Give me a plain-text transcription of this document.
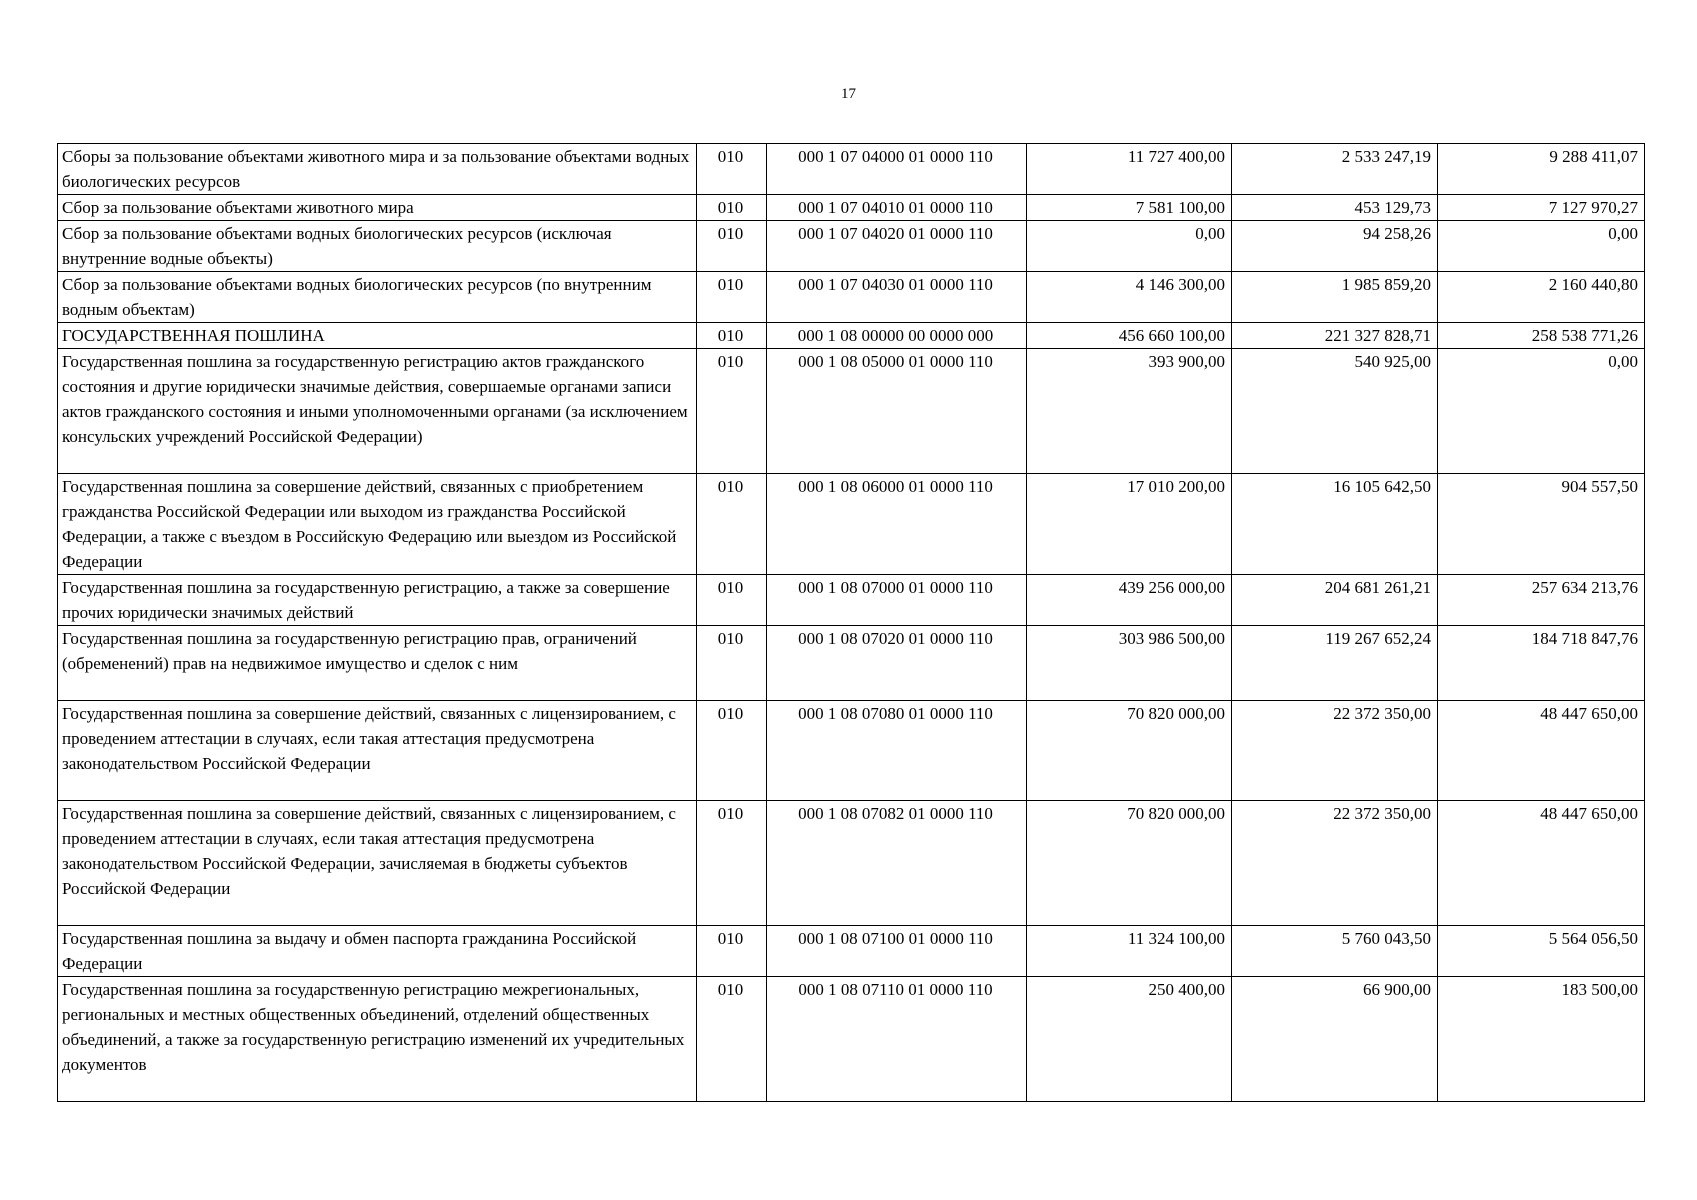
17
Сборы за пользование объектами животного мира и за пользование объектами водных биологических ресурсов	010	000 1 07 04000 01 0000 110	11 727 400,00	2 533 247,19	9 288 411,07
Сбор за пользование объектами животного мира	010	000 1 07 04010 01 0000 110	7 581 100,00	453 129,73	7 127 970,27
Сбор за пользование объектами водных биологических ресурсов (исключая внутренние водные объекты)	010	000 1 07 04020 01 0000 110	0,00	94 258,26	0,00
Сбор за пользование объектами водных биологических ресурсов (по внутренним водным объектам)	010	000 1 07 04030 01 0000 110	4 146 300,00	1 985 859,20	2 160 440,80
ГОСУДАРСТВЕННАЯ ПОШЛИНА	010	000 1 08 00000 00 0000 000	456 660 100,00	221 327 828,71	258 538 771,26
Государственная пошлина за государственную регистрацию актов гражданского состояния и другие юридически значимые действия, совершаемые органами записи актов гражданского состояния и иными уполномоченными органами (за исключением консульских учреждений Российской Федерации)	010	000 1 08 05000 01 0000 110	393 900,00	540 925,00	0,00
Государственная пошлина за совершение действий, связанных с приобретением гражданства Российской Федерации или выходом из гражданства Российской Федерации, а также с въездом в Российскую Федерацию или выездом из Российской Федерации	010	000 1 08 06000 01 0000 110	17 010 200,00	16 105 642,50	904 557,50
Государственная пошлина за государственную регистрацию, а также за совершение прочих юридически значимых действий	010	000 1 08 07000 01 0000 110	439 256 000,00	204 681 261,21	257 634 213,76
Государственная пошлина за государственную регистрацию прав, ограничений (обременений) прав на недвижимое имущество и сделок с ним	010	000 1 08 07020 01 0000 110	303 986 500,00	119 267 652,24	184 718 847,76
Государственная пошлина за совершение действий, связанных с лицензированием, с проведением аттестации в случаях, если такая аттестация предусмотрена законодательством Российской Федерации	010	000 1 08 07080 01 0000 110	70 820 000,00	22 372 350,00	48 447 650,00
Государственная пошлина за совершение действий, связанных с лицензированием, с проведением аттестации в случаях, если такая аттестация предусмотрена законодательством Российской Федерации, зачисляемая в бюджеты субъектов Российской Федерации	010	000 1 08 07082 01 0000 110	70 820 000,00	22 372 350,00	48 447 650,00
Государственная пошлина за выдачу и обмен паспорта гражданина Российской Федерации	010	000 1 08 07100 01 0000 110	11 324 100,00	5 760 043,50	5 564 056,50
Государственная пошлина за государственную регистрацию межрегиональных, региональных и местных общественных объединений, отделений общественных объединений, а также за государственную регистрацию изменений их учредительных документов	010	000 1 08 07110 01 0000 110	250 400,00	66 900,00	183 500,00
